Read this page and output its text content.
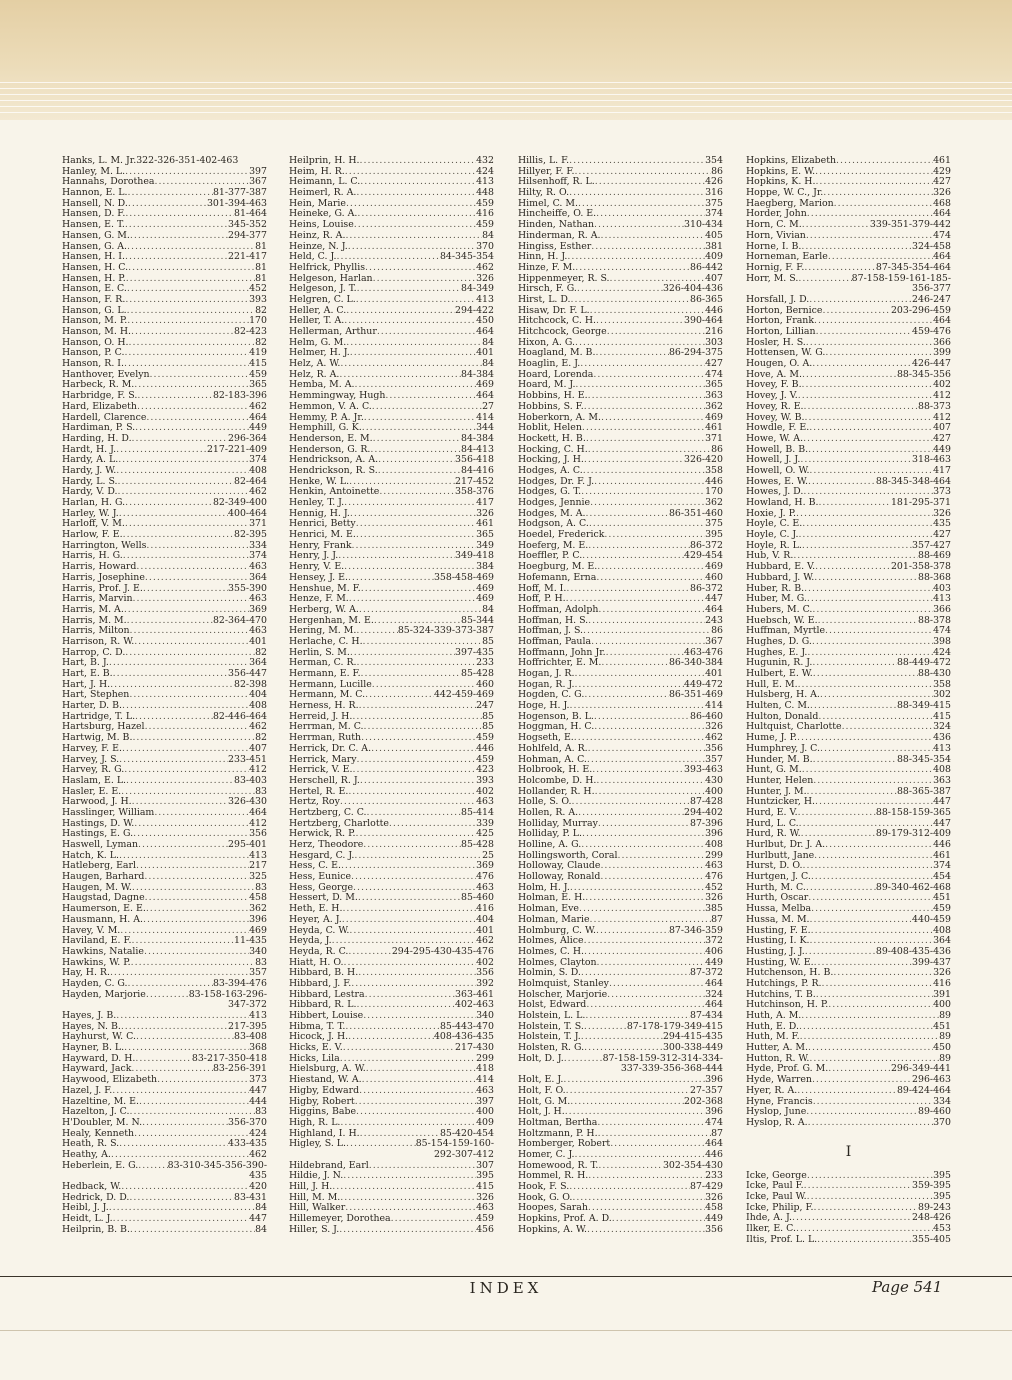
Hanks, L. M. Jr.322-326-351-402-463
Hanley, M. L. .....	397
Hannahs, Dorothea .....	367
Hannon, E. L. .....	81-377-387
Hansell, N. D. .....	301-394-463
Hansen, D. F. .....	81-464
Hansen, E. T. .....	345-352
Hansen, G. M. .....	294-377
Hansen, G. A. .....	81
Hansen, H. I. .....	221-417
Hansen, H. C. .....	81
Hansen, H. P. .....	81
Hanson, E. C. .....	452
Hanson, F. R. .....	393
Hanson, G. L. .....	82
Hanson, M. P. .....	170
Hanson, M. H. .....	82-423
Hanson, O. H. .....	82
Hanson, P. C. .....	419
Hanson, R. I. .....	415
Hanthover, Evelyn .....	459
Harbeck, R. M. .....	365
Harbridge, F. S. .....	82-183-396
Hard, Elizabeth .....	462
Hardell, Clarence .....	464
Hardiman, P. S. .....	449
Harding, H. D. .....	296-364
Hardt, H. J. .....	217-221-409
Hardy, A. L. .....	374
Hardy, J. W. .....	408
Hardy, L. S. .....	82-464
Hardy, V. D. .....	462
Harlan, H. G. .....	82-349-400
Harley, W. J. .....	400-464
Harloff, V. M. .....	371
Harlow, F. E. .....	82-395
Harrington, Wells .....	334
Harris, H. G. .....	374
Harris, Howard .....	463
Harris, Josephine .....	364
Harris, Prof. J. E. .....	355-390
Harris, Marvin .....	463
Harris, M. A. .....	369
Harris, M. M. .....	82-364-470
Harris, Milton .....	463
Harrison, R. W. .....	401
Harrop, C. D. .....	82
Hart, B. J. .....	364
Hart, E. B. .....	356-447
Hart, J. H. .....	82-398
Hart, Stephen .....	404
Harter, D. B. .....	408
Hartridge, T. L. .....	82-446-464
Hartsburg, Hazel .....	462
Hartwig, M. B. .....	82
Harvey, F. E. .....	407
Harvey, J. S. .....	233-451
Harvey, R. G. .....	412
Haslam, E. L. .....	83-403
Hasler, E. E. .....	83
Harwood, J. H. .....	326-430
Hasslinger, William .....	464
Hastings, D. W. .....	412
Hastings, E. G. .....	356
Haswell, Lyman .....	295-401
Hatch, K. L. .....	413
Hatleberg, Earl .....	217
Haugen, Barhard .....	325
Haugen, M. W. .....	83
Haugstad, Dagne .....	458
Haumerson, E. E. .....	362
Hausmann, H. A. .....	396
Havey, V. M. .....	469
Haviland, E. F. .....	11-435
Hawkins, Natalie .....	340
Hawkins, W. P. .....	83
Hay, H. R. .....	357
Hayden, C. G. .....	83-394-476
Hayden, Marjorie .....	83-158-163-296-
347-372
Hayes, J. B. .....	413
Hayes, N. B. .....	217-395
Hayhurst, W. C. .....	83-408
Hayner, B. L. .....	368
Hayward, D. H. .....	83-217-350-418
Hayward, Jack .....	83-256-391
Haywood, Elizabeth .....	373
Hazel, J. F. .....	447
Hazeltine, M. E. .....	444
Hazelton, J. C. .....	83
H'Doubler, M. N. .....	356-370
Healy, Kenneth .....	424
Heath, R. S. .....	433-435
Heathy, A. .....	462
Heberlein, E. G. .....	83-310-345-356-390-
435
Hedback, W. .....	420
Hedrick, D. D. .....	83-431
Heibl, J. J. .....	84
Heidt, L. J. .....	447
Heilprin, B. B. .....	84
Heilprin, H. H. .....	432
Heim, H. R. .....	424
Heimann, L. C. .....	413
Heimerl, R. A. .....	448
Hein, Marie .....	459
Heineke, G. A. .....	416
Heins, Louise .....	459
Heinz, R. A. .....	84
Heinze, N. J. .....	370
Held, C. J. .....	84-345-354
Helfrick, Phyllis .....	462
Helgeson, Harlan .....	326
Helgeson, J. T. .....	84-349
Helgren, C. L. .....	413
Heller, A. C. .....	294-422
Heller, T. A. .....	450
Hellerman, Arthur .....	464
Helm, G. M. .....	84
Helmer, H. J. .....	401
Helz, A. W. .....	84
Helz, R. A. .....	84-384
Hemba, M. A. .....	469
Hemmingway, Hugh .....	464
Hemmon, V. A. C. .....	27
Hemmy, P. A. Jr. .....	414
Hemphill, G. K. .....	344
Henderson, E. M. .....	84-384
Henderson, G. R. .....	84-413
Hendrickson, A. A. .....	356-418
Hendrickson, R. S. .....	84-416
Henke, W. L. .....	217-452
Henkin, Antoinette .....	358-376
Henley, T. J. .....	417
Hennig, H. J. .....	326
Henrici, Betty .....	461
Henrici, M. E. .....	365
Henry, Frank .....	349
Henry, J. J. .....	349-418
Henry, V. E. .....	384
Hensey, J. E. .....	358-458-469
Henshue, M. F. .....	469
Henze, F. M. .....	469
Herberg, W. A. .....	84
Hergenhan, M. E. .....	85-344
Hering, M. M. .....	85-324-339-373-387
Herlache, C. H. .....	85
Herlin, S. M. .....	397-435
Herman, C. R. .....	233
Hermann, E. F. .....	85-428
Hermann, Lucille .....	460
Hermann, M. C. .....	442-459-469
Herness, H. R. .....	247
Herreid, J. H. .....	85
Herrman, M. C. .....	85
Herrman, Ruth .....	459
Herrick, Dr. C. A. .....	446
Herrick, Mary .....	459
Herrick, V. E. .....	423
Herschell, R. J. .....	393
Hertel, R. E. .....	402
Hertz, Roy .....	463
Hertzberg, C. C. .....	85-414
Hertzberg, Charlotte .....	339
Herwick, R. P. .....	425
Herz, Theodore .....	85-428
Hesgard, C. J. .....	25
Hess, C. E. .....	369
Hess, Eunice .....	476
Hess, George .....	463
Hessert, D. M. .....	85-460
Heth, E. H. .....	416
Heyer, A. J. .....	404
Heyda, C. W. .....	401
Heyda, J. .....	462
Heyda, R. C. .....	294-295-430-435-476
Hiatt, H. O. .....	402
Hibbard, B. H. .....	356
Hibbard, J. F. .....	392
Hibbard, Lestra .....	363-461
Hibbard, R. L. .....	402-463
Hibbert, Louise .....	340
Hibma, T. T. .....	85-443-470
Hicock, J. H. .....	408-436-435
Hicks, E. V. .....	217-430
Hicks, Lila .....	299
Hielsburg, A. W. .....	418
Hiestand, W. A. .....	414
Higby, Edward .....	463
Higby, Robert .....	397
Higgins, Babe .....	400
High, R. L. .....	409
Highland, I. H. .....	85-420-454
Higley, S. L. .....	85-154-159-160-
292-307-412
Hildebrand, Earl .....	307
Hildie, J. N. .....	395
Hill, J. H. .....	415
Hill, M. M. .....	326
Hill, Walker .....	463
Hillemeyer, Dorothea .....	459
Hiller, S. J. .....	456
Hillis, L. F. .....	354
Hillyer, F. F. .....	86
Hilsenhoff, R. L. .....	426
Hilty, R. O. .....	316
Himel, C. M. .....	375
Hincheiffe, O. E. .....	374
Hinden, Nathan .....	310-434
Hinderman, R. A. .....	405
Hingiss, Esther .....	381
Hinn, H. J. .....	409
Hinze, F. M. .....	86-442
Hippenmeyer, R. S. .....	407
Hirsch, F. G. .....	326-404-436
Hirst, L. D. .....	86-365
Hisaw, Dr. F. L. .....	446
Hitchcock, C. H. .....	390-464
Hitchcock, George .....	216
Hixon, A. G. .....	303
Hoagland, M. B. .....	86-294-375
Hoaglin, E. J. .....	427
Hoard, Lorenda .....	474
Hoard, M. J. .....	365
Hobbins, H. E. .....	363
Hobbins, S. F. .....	362
Hoberkorn, A. M. .....	469
Hoblit, Helen .....	461
Hockett, H. B. .....	371
Hocking, C. H. .....	86
Hocking, J. H. .....	326-420
Hodges, A. C. .....	358
Hodges, Dr. F. J. .....	446
Hodges, G. T. .....	170
Hodges, Jennie .....	362
Hodges, M. A. .....	86-351-460
Hodgson, A. C. .....	375
Hoedel, Frederick .....	395
Hoeferg, M. E. .....	86-372
Hoeffler, P. C. .....	429-454
Hoegburg, M. E. .....	469
Hofemann, Erna .....	460
Hoff, M. I. .....	86-372
Hoff, P. H. .....	447
Hoffman, Adolph .....	464
Hoffman, H. S. .....	243
Hoffman, J. S. .....	86
Hoffman, Paula .....	367
Hoffmann, John Jr. .....	463-476
Hoffrichter, E. M. .....	86-340-384
Hogan, J. R. .....	401
Hogan, R. J. .....	449-472
Hogden, C. G. .....	86-351-469
Hoge, H. J. .....	414
Hogenson, B. L. .....	86-460
Hoggman, H. C. .....	326
Hogseth, E. .....	462
Hohlfeld, A. R. .....	356
Hohman, A. C. .....	357
Holbrook, H. E. .....	393-463
Holcombe, D. H. .....	430
Hollander, R. H. .....	400
Holle, S. O. .....	87-428
Hollen, R. A. .....	294-402
Holliday, Murray .....	87-396
Holliday, P. L. .....	396
Holline, A. G. .....	408
Hollingsworth, Coral .....	299
Holloway, Claude .....	463
Holloway, Ronald .....	476
Holm, H. J. .....	452
Holman, E. H. .....	326
Holman, Eve .....	385
Holman, Marie .....	87
Holmburg, C. W. .....	87-346-359
Holmes, Alice .....	372
Holmes, C. H. .....	406
Holmes, Clayton .....	449
Holmin, S. D. .....	87-372
Holmquist, Stanley .....	464
Holscher, Marjorie .....	324
Holst, Edward .....	464
Holstein, L. L. .....	87-434
Holstein, T. S. .....	87-178-179-349-415
Holstein, T. J. .....	294-415-435
Holsten, R. G. .....	300-338-449
Holt, D. J. .....	87-158-159-312-314-334-
337-339-356-368-444
Holt, E. J. .....	396
Holt, F. O. .....	27-357
Holt, G. M. .....	202-368
Holt, J. H. .....	396
Holtman, Bertha .....	474
Holtzmann, P. H. .....	87
Homberger, Robert .....	464
Homer, C. J. .....	446
Homewood, R. T. .....	302-354-430
Hommel, R. H. .....	233
Hook, F. S. .....	87-429
Hook, G. O. .....	326
Hoopes, Sarah .....	458
Hopkins, Prof. A. D. .....	449
Hopkins, A. W. .....	356
Hopkins, Elizabeth .....	461
Hopkins, E. W. .....	429
Hopkins, K. H. .....	427
Hoppe, W. C., Jr. .....	326
Haegberg, Marion .....	468
Horder, John .....	464
Horn, C. M. .....	339-351-379-442
Horn, Vivian .....	474
Horne, I. B. .....	324-458
Horneman, Earle .....	464
Hornig, F. F. .....	87-345-354-464
Horr, M. S. .....	87-158-159-161-185-
356-377
Horsfall, J. D. .....	246-247
Horton, Bernice .....	203-296-459
Horton, Frank .....	464
Horton, Lillian .....	459-476
Hosler, H. S. .....	366
Hottensen, W. G. .....	399
Hougen, O. A. .....	426-447
Hove, A. M. .....	88-345-356
Hovey, F. B. .....	402
Hovey, J. V. .....	412
Hovey, R. E. .....	88-373
Hovey, W. B. .....	412
Howdle, F. E. .....	407
Howe, W. A. .....	427
Howell, B. B. .....	449
Howell, J. J. .....	318-463
Howell, O. W. .....	417
Howes, E. W. .....	88-345-348-464
Howes, J. D. .....	373
Howland, H. B. .....	181-295-371
Hoxie, J. P. .....	326
Hoyle, C. E. .....	435
Hoyle, C. J. .....	427
Hoyle, R. L. .....	357-427
Hub, V. R. .....	88-469
Hubbard, E. V. .....	201-358-378
Hubbard, J. W. .....	88-368
Huber, R. B. .....	403
Huber, M. G. .....	413
Hubers, M. C. .....	366
Huebsch, W. E. .....	88-378
Huffman, Myrtle .....	474
Hughes, D. G. .....	398
Hughes, E. J. .....	424
Hugunin, R. J. .....	88-449-472
Hulbert, E. W. .....	88-430
Hull, E. M. .....	358
Hulsberg, H. A. .....	302
Hulten, C. M. .....	88-349-415
Hulton, Donald .....	415
Hultquist, Charlotte .....	324
Hume, J. P. .....	436
Humphrey, J. C. .....	413
Hunder, M. B. .....	88-345-354
Hunt, G. M. .....	408
Hunter, Helen .....	363
Hunter, J. M. .....	88-365-387
Huntzicker, H. .....	447
Hurd, E. V. .....	88-158-159-365
Hurd, L. C. .....	447
Hurd, R. W. .....	89-179-312-409
Hurlbut, Dr. J. A. .....	446
Hurlbutt, Jane .....	461
Hurst, D. O. .....	374
Hurtgen, J. C. .....	454
Hurth, M. C. .....	89-340-462-468
Hurth, Oscar .....	451
Hussa, Melba .....	459
Hussa, M. M. .....	440-459
Husting, F. E. .....	408
Husting, I. K. .....	364
Husting, J. J. .....	89-408-435-436
Husting, W. E. .....	399-437
Hutchenson, H. B. .....	326
Hutchings, P. R. .....	416
Hutchins, T. B. .....	391
Hutchinson, H. P. .....	400
Huth, A. M. .....	89
Huth, E. D. .....	451
Huth, M. F. .....	89
Hutter, A. M. .....	450
Hutton, R. W. .....	89
Hyde, Prof. G. M. .....	296-349-441
Hyde, Warren .....	296-463
Hyer, R. A. .....	89-424-464
Hyne, Francis .....	334
Hyslop, June .....	89-460
Hyslop, R. A. .....	370
I
Icke, George .....	395
Icke, Paul F. .....	359-395
Icke, Paul W. .....	395
Icke, Philip, F. .....	89-243
Ihde, A. J. .....	248-426
Ilker, E. C. .....	453
Iltis, Prof. L. L. .....	355-405
INDEX	Page 541
